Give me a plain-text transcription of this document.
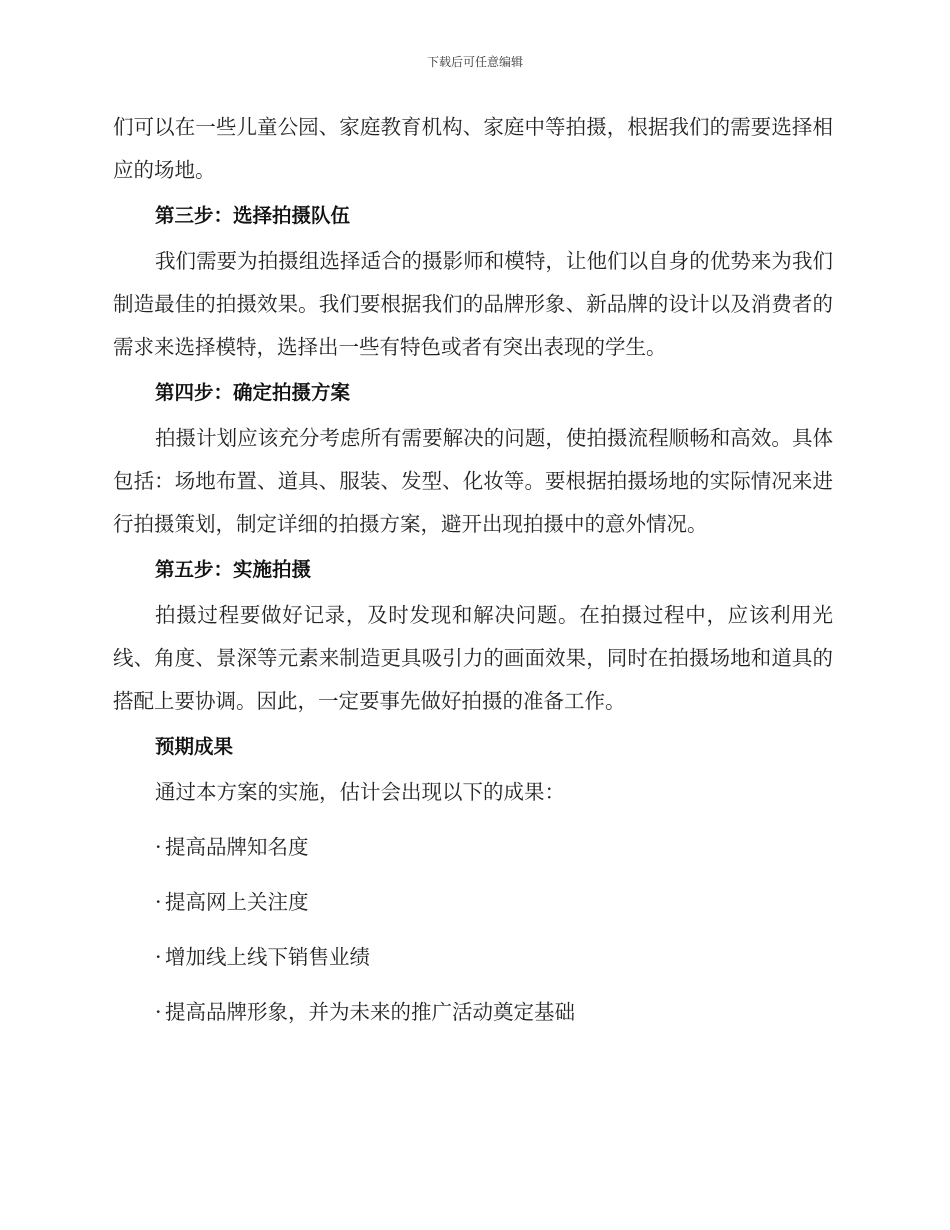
下载后可任意编辑

们可以在一些儿童公园、家庭教育机构、家庭中等拍摄，根据我们的需要选择相应的场地。

第三步：选择拍摄队伍

我们需要为拍摄组选择适合的摄影师和模特，让他们以自身的优势来为我们制造最佳的拍摄效果。我们要根据我们的品牌形象、新品牌的设计以及消费者的需求来选择模特，选择出一些有特色或者有突出表现的学生。

第四步：确定拍摄方案

拍摄计划应该充分考虑所有需要解决的问题，使拍摄流程顺畅和高效。具体包括：场地布置、道具、服装、发型、化妆等。要根据拍摄场地的实际情况来进行拍摄策划，制定详细的拍摄方案，避开出现拍摄中的意外情况。

第五步：实施拍摄

拍摄过程要做好记录，及时发现和解决问题。在拍摄过程中，应该利用光线、角度、景深等元素来制造更具吸引力的画面效果，同时在拍摄场地和道具的搭配上要协调。因此，一定要事先做好拍摄的准备工作。

预期成果

通过本方案的实施，估计会出现以下的成果：

· 提高品牌知名度

· 提高网上关注度

· 增加线上线下销售业绩

· 提高品牌形象，并为未来的推广活动奠定基础
